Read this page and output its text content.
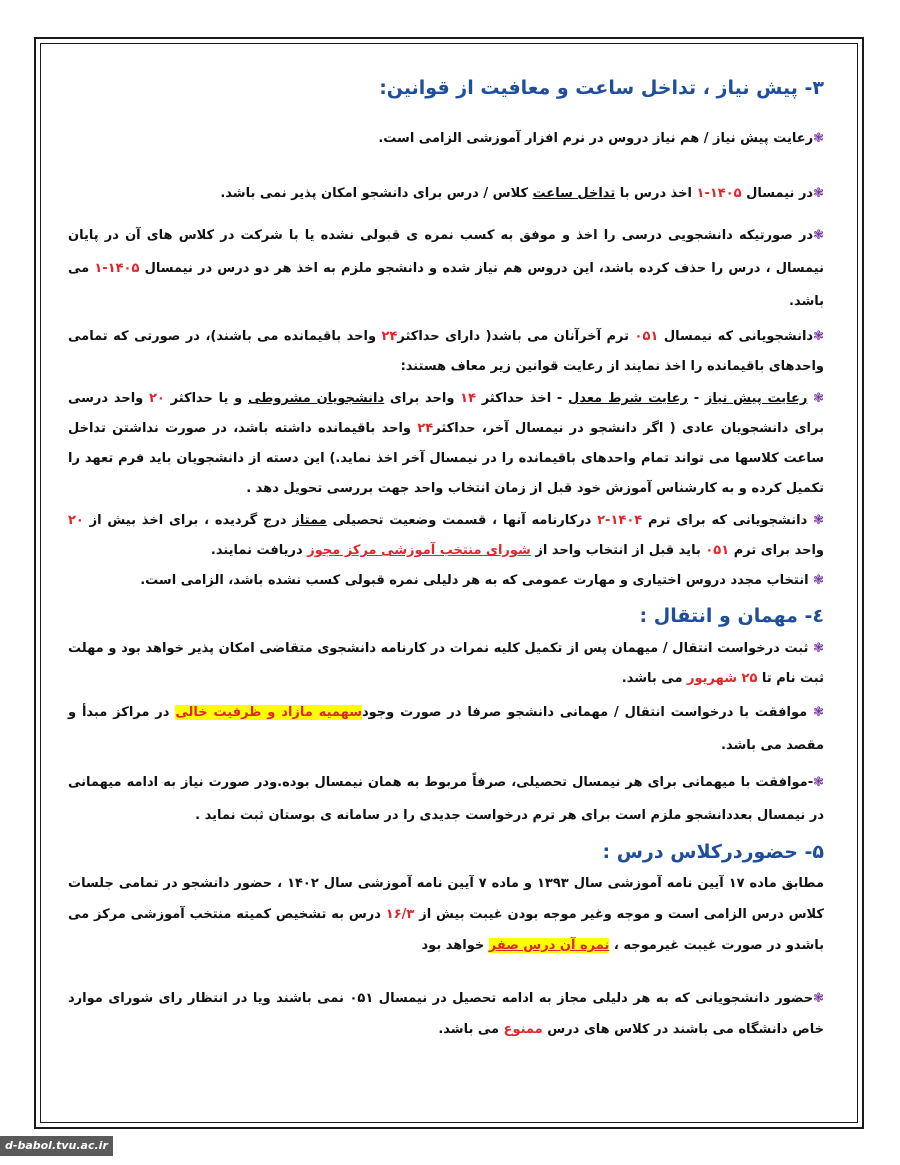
۳- پیش نیاز ، تداخل ساعت و معافیت از قوانین:

❃رعایت پیش نیاز / هم نیاز دروس در نرم افزار آموزشی الزامی است.

❃در نیمسال ۱۴۰۵-۱ اخذ درس با تداخل ساعت کلاس / درس برای دانشجو امکان پذیر نمی باشد.

❃در صورتیکه دانشجویی درسی را اخذ و موفق به کسب نمره ی قبولی نشده یا با شرکت در کلاس های آن در پایان نیمسال ، درس را حذف کرده باشد، این دروس هم نیاز شده و دانشجو ملزم به اخذ هر دو درس در نیمسال ۱۴۰۵-۱ می باشد.

❃دانشجویانی که نیمسال ۰۵۱ ترم آخرآنان می باشد( دارای حداکثر۲۴ واحد باقیمانده می باشند)، در صورتی که تمامی واحدهای باقیمانده را اخذ نمایند از رعایت قوانین زیر معاف هستند:

❃ رعایت پیش نیاز - رعایت شرط معدل - اخذ حداکثر ۱۴ واحد برای دانشجویان مشروطی و یا حداکثر ۲۰ واحد درسی برای دانشجویان عادی ( اگر دانشجو در نیمسال آخر، حداکثر۲۴ واحد باقیمانده داشته باشد، در صورت نداشتن تداخل ساعت کلاسها می تواند تمام واحدهای باقیمانده را در نیمسال آخر اخذ نماید.) این دسته از دانشجویان باید فرم تعهد را تکمیل کرده و به کارشناس آموزش خود قبل از زمان انتخاب واحد جهت بررسی تحویل دهد .

❃ دانشجویانی که برای ترم ۱۴۰۴-۲ درکارنامه آنها ، قسمت وضعیت تحصیلی ممتاز درج گردیده ، برای اخذ بیش از ۲۰ واحد برای ترم ۰۵۱ باید قبل از انتخاب واحد از شورای منتخب آموزشی مرکز مجوز دریافت نمایند.

❃ انتخاب مجدد دروس اختیاری و مهارت عمومی که به هر دلیلی نمره قبولی کسب نشده باشد، الزامی است.

٤- مهمان و انتقال :

❃ ثبت درخواست انتقال / میهمان پس از تکمیل کلیه نمرات در کارنامه دانشجوی متقاضی امکان پذیر خواهد بود و مهلت ثبت نام تا ۲۵ شهریور می باشد.

❃ موافقت با درخواست انتقال / مهمانی دانشجو صرفا در صورت وجودسهمیه مازاد و ظرفیت خالی در مراکز مبدأ و مقصد می باشد.

❃-موافقت با میهمانی برای هر نیمسال تحصیلی، صرفاً مربوط به همان نیمسال بوده.ودر صورت نیاز به ادامه میهمانی در نیمسال بعددانشجو ملزم است برای هر ترم درخواست جدیدی را در سامانه ی بوستان ثبت نماید .

۵- حضوردرکلاس درس :

مطابق ماده ۱۷ آیین نامه آموزشی سال ۱۳۹۳ و ماده ۷ آیین نامه آموزشی سال ۱۴۰۲ ، حضور دانشجو در تمامی جلسات کلاس درس الزامی است و موجه وغیر موجه بودن غیبت بیش از ۱۶/۳ درس به تشخیص کمیته منتخب آموزشی مرکز می باشدو در صورت غیبت غیرموجه ، نمره آن درس صفر خواهد بود

❃حضور دانشجویانی که به هر دلیلی مجاز به ادامه تحصیل در نیمسال ۰۵۱ نمی باشند ویا در انتظار رای شورای موارد خاص دانشگاه می باشند در کلاس های درس ممنوع می باشد.

d-babol.tvu.ac.ir
